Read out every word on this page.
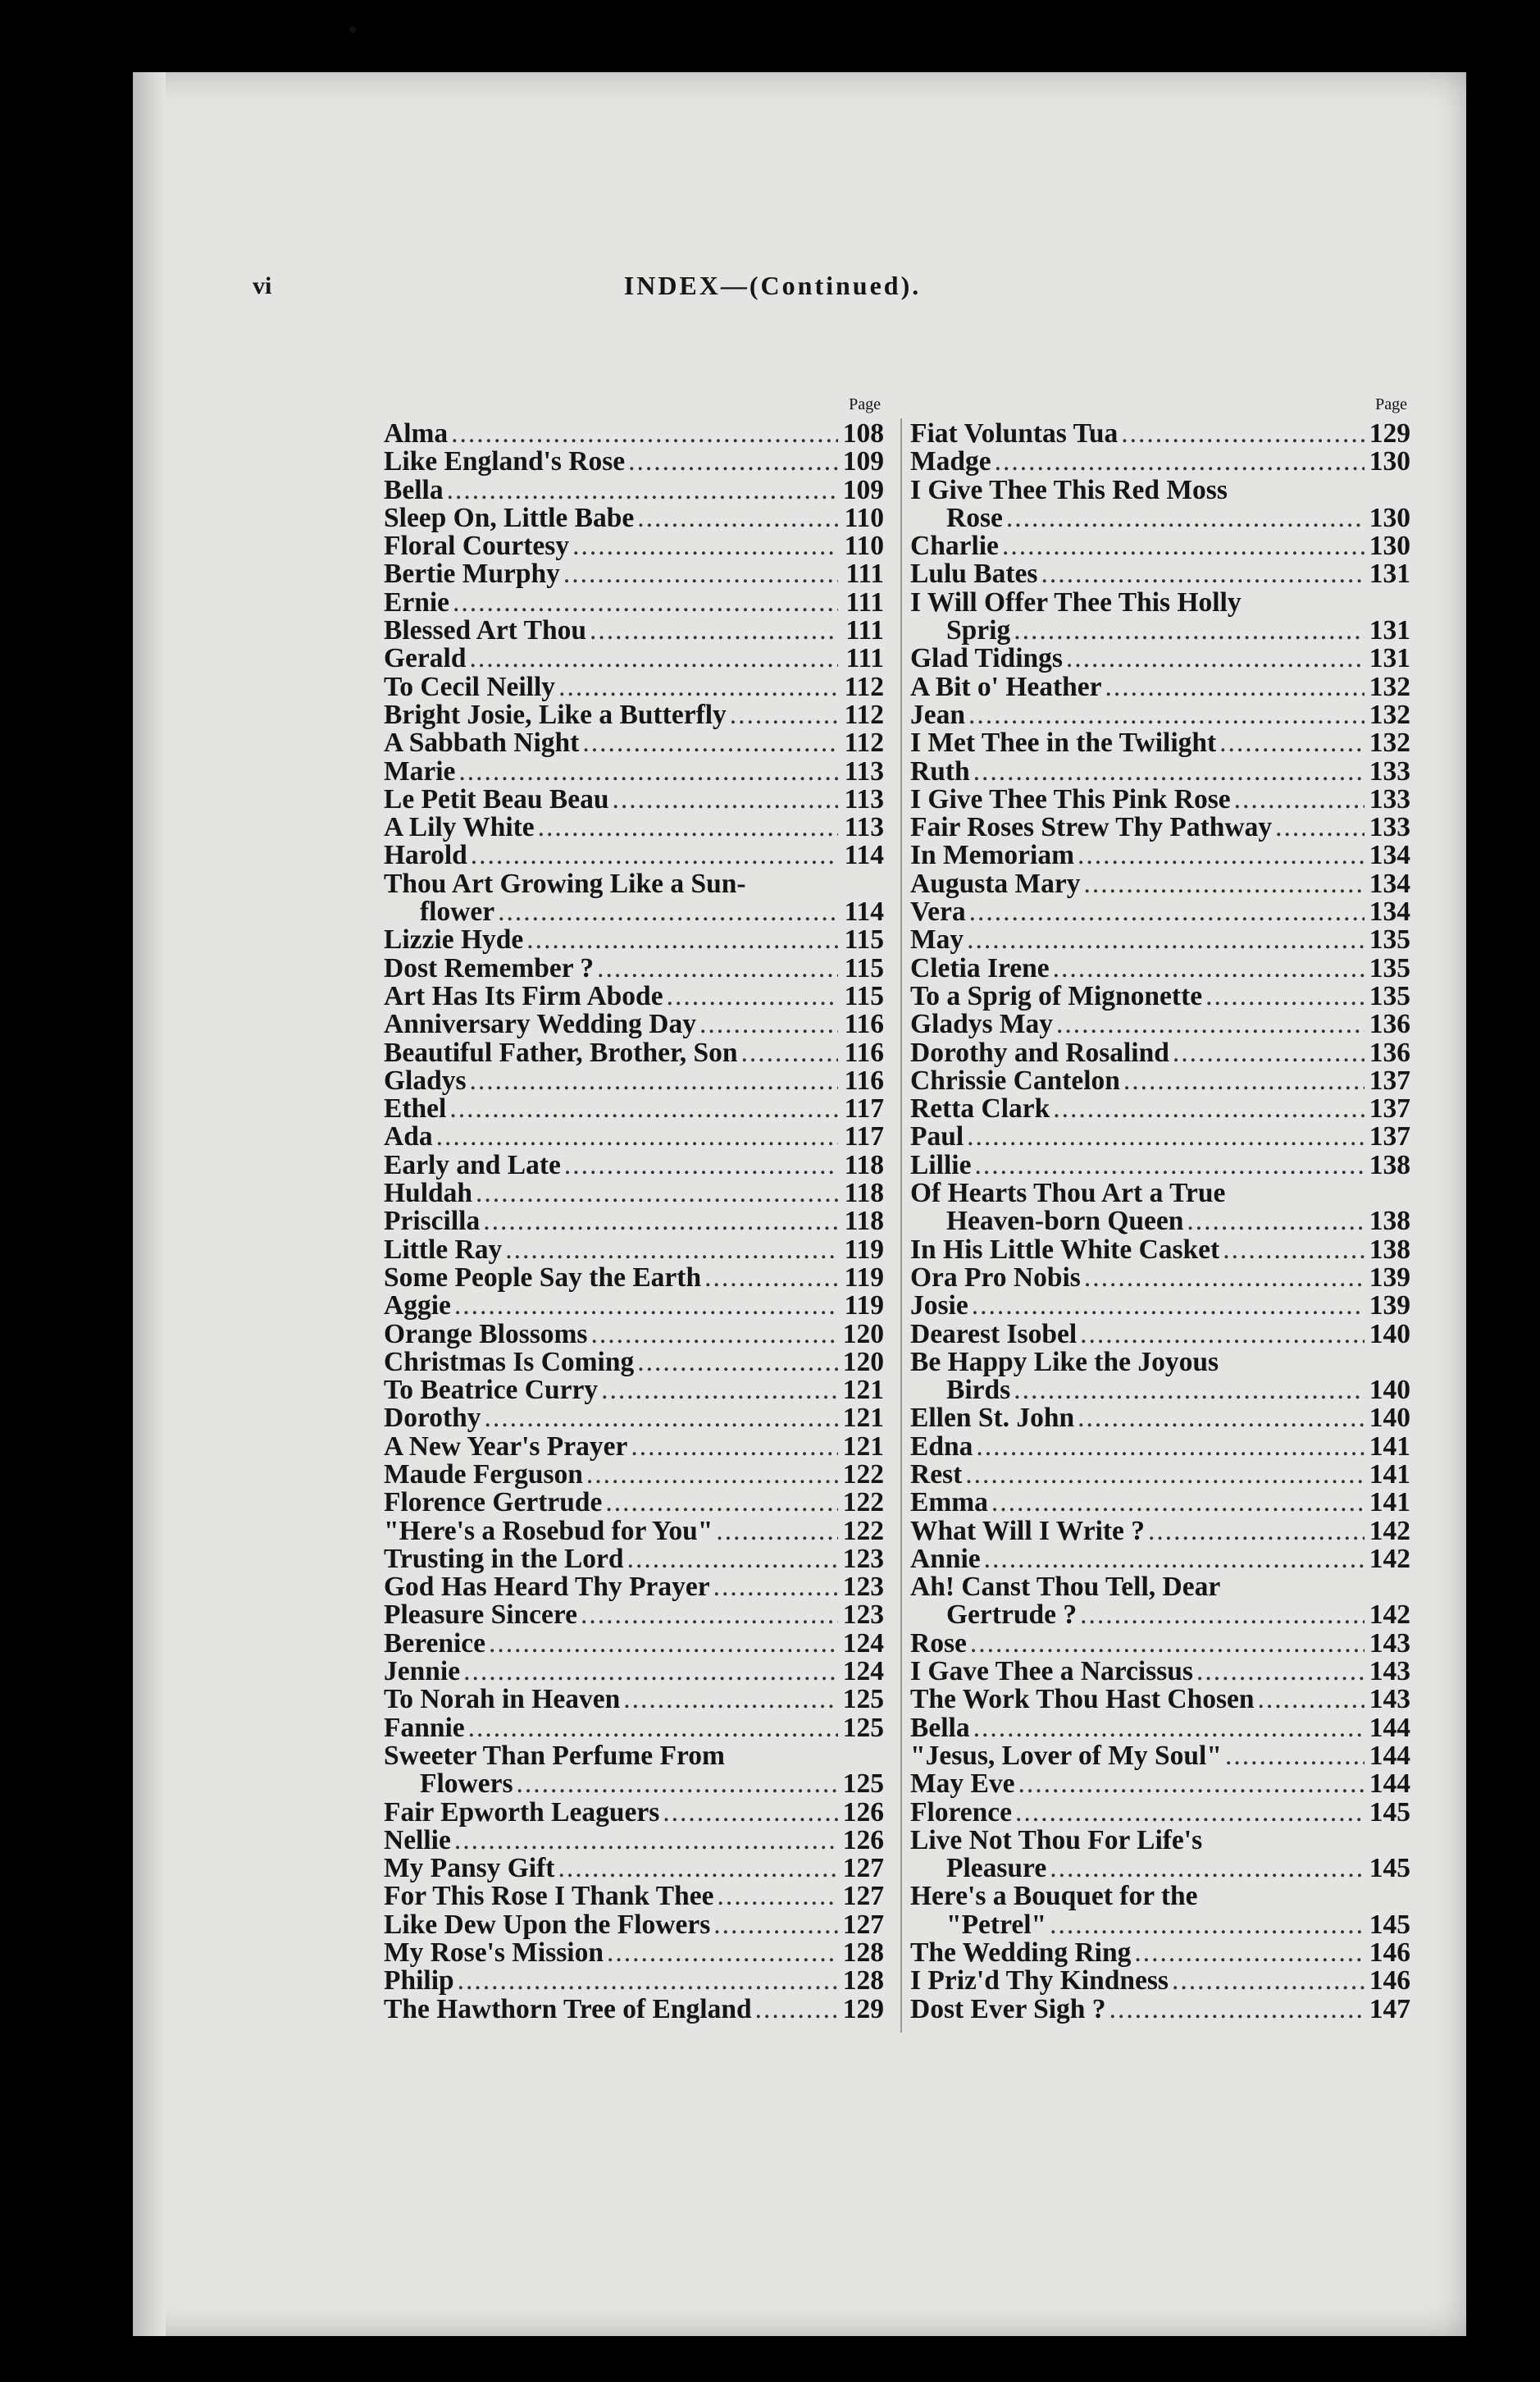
vi	INDEX—(Continued).
Page
Alma .....	108
Like England's Rose .....	109
Bella .....	109
Sleep On, Little Babe .....	110
Floral Courtesy .....	110
Bertie Murphy .....	111
Ernie .....	111
Blessed Art Thou .....	111
Gerald .....	111
To Cecil Neilly .....	112
Bright Josie, Like a Butterfly .....	112
A Sabbath Night .....	112
Marie .....	113
Le Petit Beau Beau .....	113
A Lily White .....	113
Harold .....	114
Thou Art Growing Like a Sun-
flower .....	114
Lizzie Hyde .....	115
Dost Remember ? .....	115
Art Has Its Firm Abode .....	115
Anniversary Wedding Day .....	116
Beautiful Father, Brother, Son .....	116
Gladys .....	116
Ethel .....	117
Ada .....	117
Early and Late .....	118
Huldah .....	118
Priscilla .....	118
Little Ray .....	119
Some People Say the Earth .....	119
Aggie .....	119
Orange Blossoms .....	120
Christmas Is Coming .....	120
To Beatrice Curry .....	121
Dorothy .....	121
A New Year's Prayer .....	121
Maude Ferguson .....	122
Florence Gertrude .....	122
"Here's a Rosebud for You" .....	122
Trusting in the Lord .....	123
God Has Heard Thy Prayer .....	123
Pleasure Sincere .....	123
Berenice .....	124
Jennie .....	124
To Norah in Heaven .....	125
Fannie .....	125
Sweeter Than Perfume From
Flowers .....	125
Fair Epworth Leaguers .....	126
Nellie .....	126
My Pansy Gift .....	127
For This Rose I Thank Thee .....	127
Like Dew Upon the Flowers .....	127
My Rose's Mission .....	128
Philip .....	128
The Hawthorn Tree of England .....	129
Page
Fiat Voluntas Tua .....	129
Madge .....	130
I Give Thee This Red Moss
Rose .....	130
Charlie .....	130
Lulu Bates .....	131
I Will Offer Thee This Holly
Sprig .....	131
Glad Tidings .....	131
A Bit o' Heather .....	132
Jean .....	132
I Met Thee in the Twilight .....	132
Ruth .....	133
I Give Thee This Pink Rose .....	133
Fair Roses Strew Thy Pathway .....	133
In Memoriam .....	134
Augusta Mary .....	134
Vera .....	134
May .....	135
Cletia Irene .....	135
To a Sprig of Mignonette .....	135
Gladys May .....	136
Dorothy and Rosalind .....	136
Chrissie Cantelon .....	137
Retta Clark .....	137
Paul .....	137
Lillie .....	138
Of Hearts Thou Art a True
Heaven-born Queen .....	138
In His Little White Casket .....	138
Ora Pro Nobis .....	139
Josie .....	139
Dearest Isobel .....	140
Be Happy Like the Joyous
Birds .....	140
Ellen St. John .....	140
Edna .....	141
Rest .....	141
Emma .....	141
What Will I Write ? .....	142
Annie .....	142
Ah! Canst Thou Tell, Dear
Gertrude ? .....	142
Rose .....	143
I Gave Thee a Narcissus .....	143
The Work Thou Hast Chosen .....	143
Bella .....	144
"Jesus, Lover of My Soul" .....	144
May Eve .....	144
Florence .....	145
Live Not Thou For Life's
Pleasure .....	145
Here's a Bouquet for the
"Petrel" .....	145
The Wedding Ring .....	146
I Priz'd Thy Kindness .....	146
Dost Ever Sigh ? .....	147
